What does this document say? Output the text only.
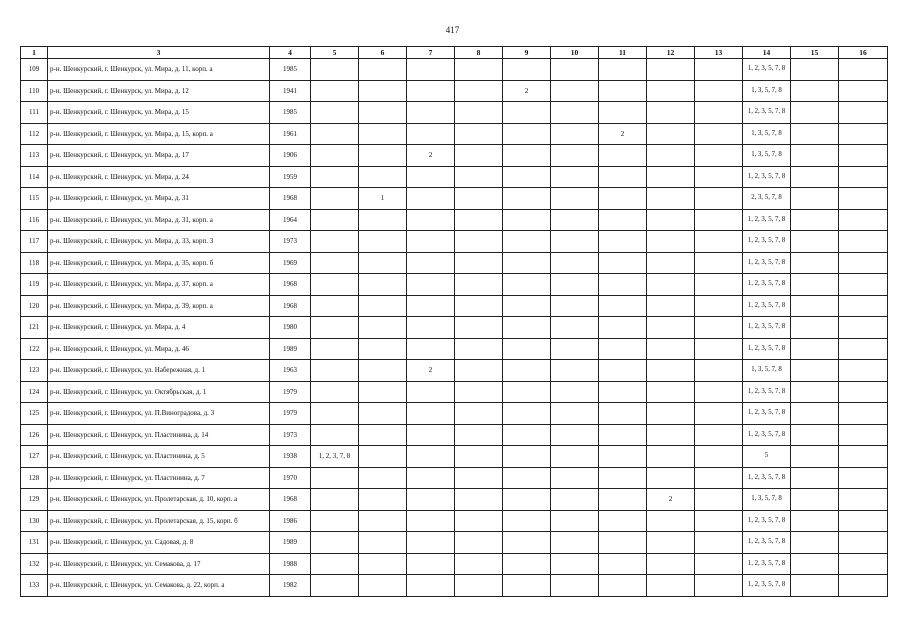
417
1	3	4	5	6	7	8	9	10	11	12	13	14	15	16
109	р-н. Шенкурский, г. Шенкурск, ул. Мира, д. 11, корп. а	1985										1, 2, 3, 5, 7, 8		
110	р-н. Шенкурский, г. Шенкурск, ул. Мира, д. 12	1941					2					1, 3, 5, 7, 8		
111	р-н. Шенкурский, г. Шенкурск, ул. Мира, д. 15	1985										1, 2, 3, 5, 7, 8		
112	р-н. Шенкурский, г. Шенкурск, ул. Мира, д. 15, корп. а	1961							2			1, 3, 5, 7, 8		
113	р-н. Шенкурский, г. Шенкурск, ул. Мира, д. 17	1906			2							1, 3, 5, 7, 8		
114	р-н. Шенкурский, г. Шенкурск, ул. Мира, д. 24	1959										1, 2, 3, 5, 7, 8		
115	р-н. Шенкурский, г. Шенкурск, ул. Мира, д. 31	1968		1								2, 3, 5, 7, 8		
116	р-н. Шенкурский, г. Шенкурск, ул. Мира, д. 31, корп. а	1964										1, 2, 3, 5, 7, 8		
117	р-н. Шенкурский, г. Шенкурск, ул. Мира, д. 33, корп. 3	1973										1, 2, 3, 5, 7, 8		
118	р-н. Шенкурский, г. Шенкурск, ул. Мира, д. 35, корп. б	1969										1, 2, 3, 5, 7, 8		
119	р-н. Шенкурский, г. Шенкурск, ул. Мира, д. 37, корп. а	1968										1, 2, 3, 5, 7, 8		
120	р-н. Шенкурский, г. Шенкурск, ул. Мира, д. 39, корп. а	1968										1, 2, 3, 5, 7, 8		
121	р-н. Шенкурский, г. Шенкурск, ул. Мира, д. 4	1980										1, 2, 3, 5, 7, 8		
122	р-н. Шенкурский, г. Шенкурск, ул. Мира, д. 46	1989										1, 2, 3, 5, 7, 8		
123	р-н. Шенкурский, г. Шенкурск, ул. Набережная, д. 1	1963			2							1, 3, 5, 7, 8		
124	р-н. Шенкурский, г. Шенкурск, ул. Октябрьская, д. 1	1979										1, 2, 3, 5, 7, 8		
125	р-н. Шенкурский, г. Шенкурск, ул. П.Виноградова, д. 3	1979										1, 2, 3, 5, 7, 8		
126	р-н. Шенкурский, г. Шенкурск, ул. Пластинина, д. 14	1973										1, 2, 3, 5, 7, 8		
127	р-н. Шенкурский, г. Шенкурск, ул. Пластинина, д. 5	1938	1, 2, 3, 7, 8									5		
128	р-н. Шенкурский, г. Шенкурск, ул. Пластинина, д. 7	1970										1, 2, 3, 5, 7, 8		
129	р-н. Шенкурский, г. Шенкурск, ул. Пролетарская, д. 10, корп. а	1968								2		1, 3, 5, 7, 8		
130	р-н. Шенкурский, г. Шенкурск, ул. Пролетарская, д. 15, корп. б	1986										1, 2, 3, 5, 7, 8		
131	р-н. Шенкурский, г. Шенкурск, ул. Садовая, д. 8	1989										1, 2, 3, 5, 7, 8		
132	р-н. Шенкурский, г. Шенкурск, ул. Семакова, д. 17	1988										1, 2, 3, 5, 7, 8		
133	р-н. Шенкурский, г. Шенкурск, ул. Семакова, д. 22, корп. а	1982										1, 2, 3, 5, 7, 8		
